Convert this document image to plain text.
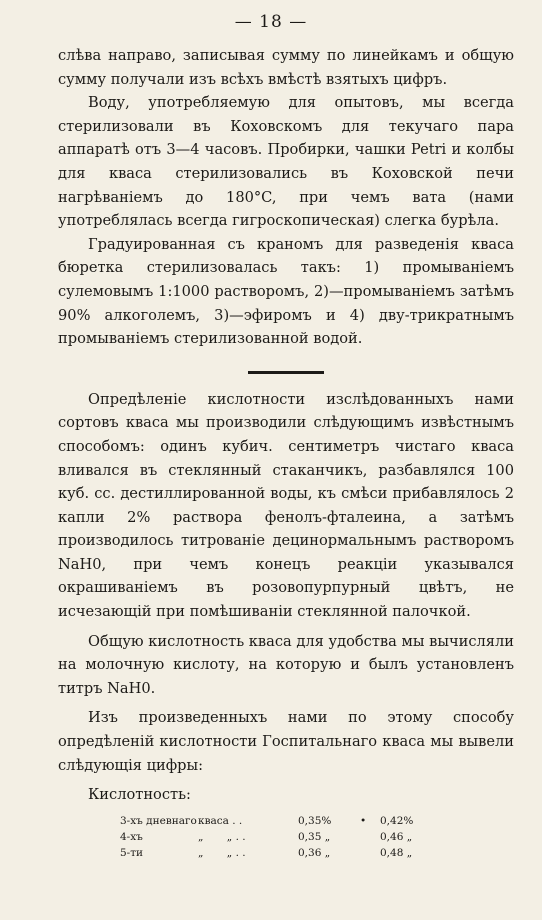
— 18 —

слѣва направо, записывая сумму по линейкамъ и общую сумму получали изъ всѣхъ вмѣстѣ взятыхъ цифръ.

Воду, употребляемую для опытовъ, мы всегда стерилизовали въ Коховскомъ для текучаго пара аппаратѣ отъ 3—4 часовъ. Пробирки, чашки Petri и колбы для кваса стерилизовались въ Коховской печи нагрѣваніемъ до 180°C, при чемъ вата (нами употреблялась всегда гигроскопическая) слегка бурѣла.

Градуированная съ краномъ для разведенія кваса бюретка стерилизовалась такъ: 1) промываніемъ сулемовымъ 1:1000 растворомъ, 2)—промываніемъ затѣмъ 90% алкоголемъ, 3)—эфиромъ и 4) дву-трикратнымъ промываніемъ стерилизованной водой.

Опредѣленіе кислотности изслѣдованныхъ нами сортовъ кваса мы производили слѣдующимъ извѣстнымъ способомъ: одинъ кубич. сентиметръ чистаго кваса вливался въ стеклянный стаканчикъ, разбавлялся 100 куб. сс. дестиллированной воды, къ смѣси прибавлялось 2 капли 2% раствора фенолъ-фталеина, а затѣмъ производилось титрованіе децинормальнымъ растворомъ NaH0, при чемъ конецъ реакціи указывался окрашиваніемъ въ розовопурпурный цвѣтъ, не исчезающій при помѣшиваніи стеклянной палочкой.

Общую кислотность кваса для удобства мы вычисляли на молочную кислоту, на которую и былъ установленъ титръ NaH0.

Изъ произведенныхъ нами по этому способу опредѣленій кислотности Госпитальнаго кваса мы вывели слѣдующія цифры:

Кислотность:
3-хъ дневнаго	кваса . .	0,35%	•	0,42%
4-хъ	„       „ . .	0,35 „		0,46 „
5-ти	„       „ . .	0,36 „		0,48 „
